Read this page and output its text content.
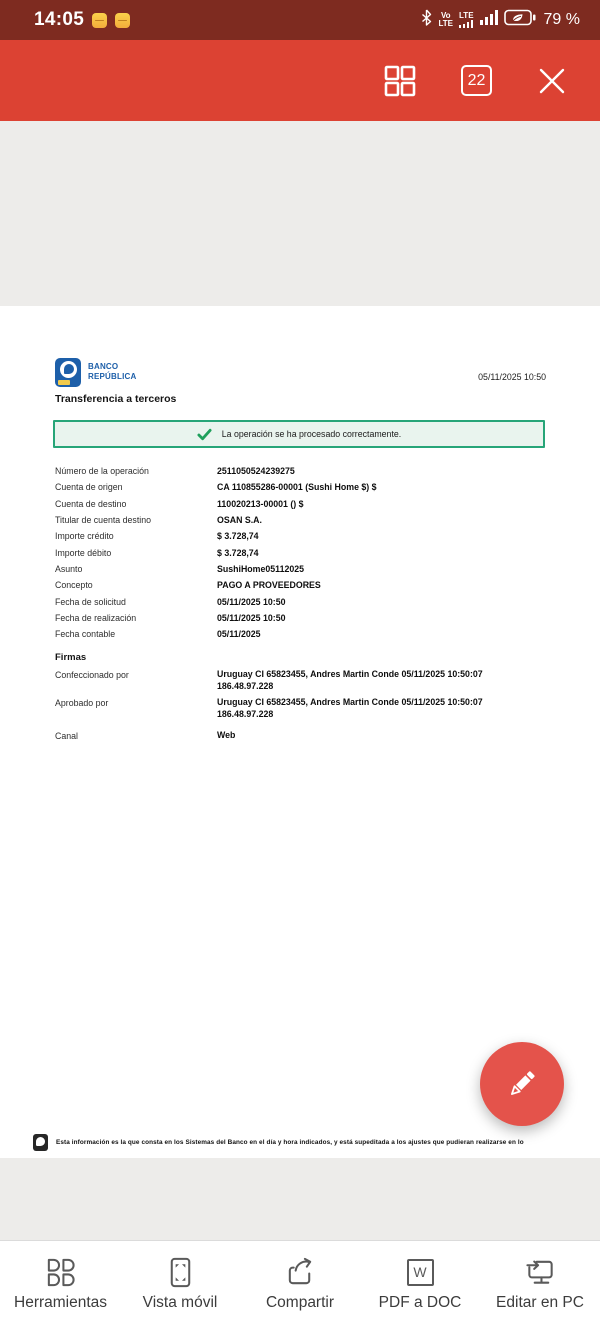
14:05	Vo
LTE
LTE	79 %
22
BANCO
REPÚBLICA	05/11/2025 10:50
Transferencia a terceros
La operación se ha procesado correctamente.
Número de la operación	2511050524239275
Cuenta de origen	CA 110855286-00001 (Sushi Home $) $
Cuenta de destino	110020213-00001 () $
Titular de cuenta destino	OSAN S.A.
Importe crédito	$ 3.728,74
Importe débito	$ 3.728,74
Asunto	SushiHome05112025
Concepto	PAGO A PROVEEDORES
Fecha de solicitud	05/11/2025 10:50
Fecha de realización	05/11/2025 10:50
Fecha contable	05/11/2025
Firmas
Confeccionado por	Uruguay CI 65823455, Andres Martin Conde 05/11/2025 10:50:07
186.48.97.228
Aprobado por	Uruguay CI 65823455, Andres Martin Conde 05/11/2025 10:50:07
186.48.97.228
Canal	Web
Esta información es la que consta en los Sistemas del Banco en el día y hora indicados, y está supeditada a los ajustes que pudieran realizarse en lo
Herramientas Vista móvil	Compartir
W
PDF a DOC Editar en PC
